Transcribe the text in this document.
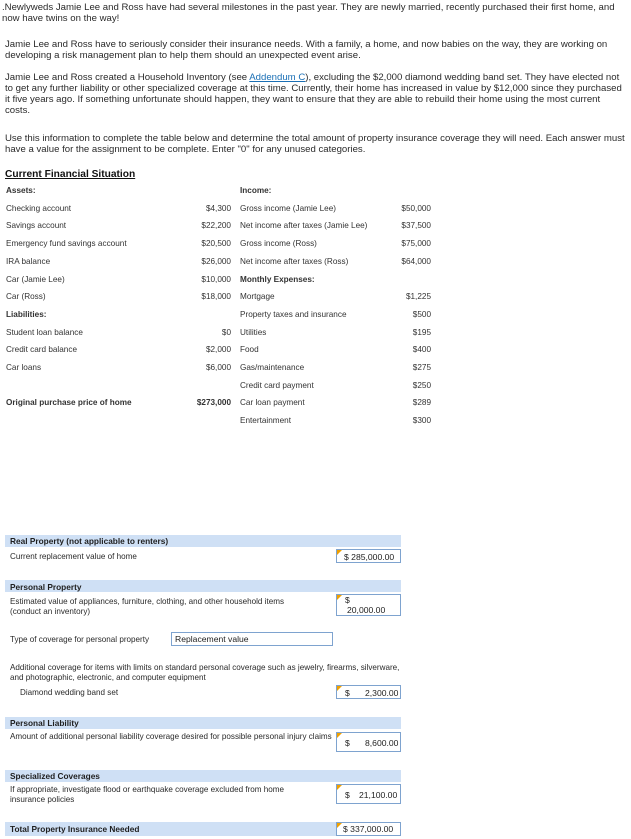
.Newlyweds Jamie Lee and Ross have had several milestones in the past year. They are newly married, recently purchased their first home, and now have twins on the way!
Jamie Lee and Ross have to seriously consider their insurance needs. With a family, a home, and now babies on the way, they are working on developing a risk management plan to help them should an unexpected event arise.
Jamie Lee and Ross created a Household Inventory (see Addendum C), excluding the $2,000 diamond wedding band set. They have elected not to get any further liability or other specialized coverage at this time. Currently, their home has increased in value by $12,000 since they purchased it five years ago. If something unfortunate should happen, they want to ensure that they are able to rebuild their home using the most current costs.
Use this information to complete the table below and determine the total amount of property insurance coverage they will need. Each answer must have a value for the assignment to be complete. Enter "0" for any unused categories.
Current Financial Situation
Assets:
Checking account	$4,300
Savings account	$22,200
Emergency fund savings account	$20,500
IRA balance	$26,000
Car (Jamie Lee)	$10,000
Car (Ross)	$18,000
Liabilities:
Student loan balance	$0
Credit card balance	$2,000
Car loans	$6,000
Original purchase price of home	$273,000
Income:
Gross income (Jamie Lee)	$50,000
Net income after taxes (Jamie Lee)	$37,500
Gross income (Ross)	$75,000
Net income after taxes (Ross)	$64,000
Monthly Expenses:
Mortgage	$1,225
Property taxes and insurance	$500
Utilities	$195
Food	$400
Gas/maintenance	$275
Credit card payment	$250
Car loan payment	$289
Entertainment	$300
Real Property (not applicable to renters)
Current replacement value of home	$ 285,000.00
Personal Property
Estimated value of appliances, furniture, clothing, and other household items (conduct an inventory)
$
20,000.00
Type of coverage for personal property	Replacement value
Additional coverage for items with limits on standard personal coverage such as jewelry, firearms, silverware, and photographic, electronic, and computer equipment
Diamond wedding band set	$ 2,300.00
Personal Liability
Amount of additional personal liability coverage desired for possible personal injury claims
$ 8,600.00
Specialized Coverages
If appropriate, investigate flood or earthquake coverage excluded from home insurance policies	$ 21,100.00
Total Property Insurance Needed	$ 337,000.00
